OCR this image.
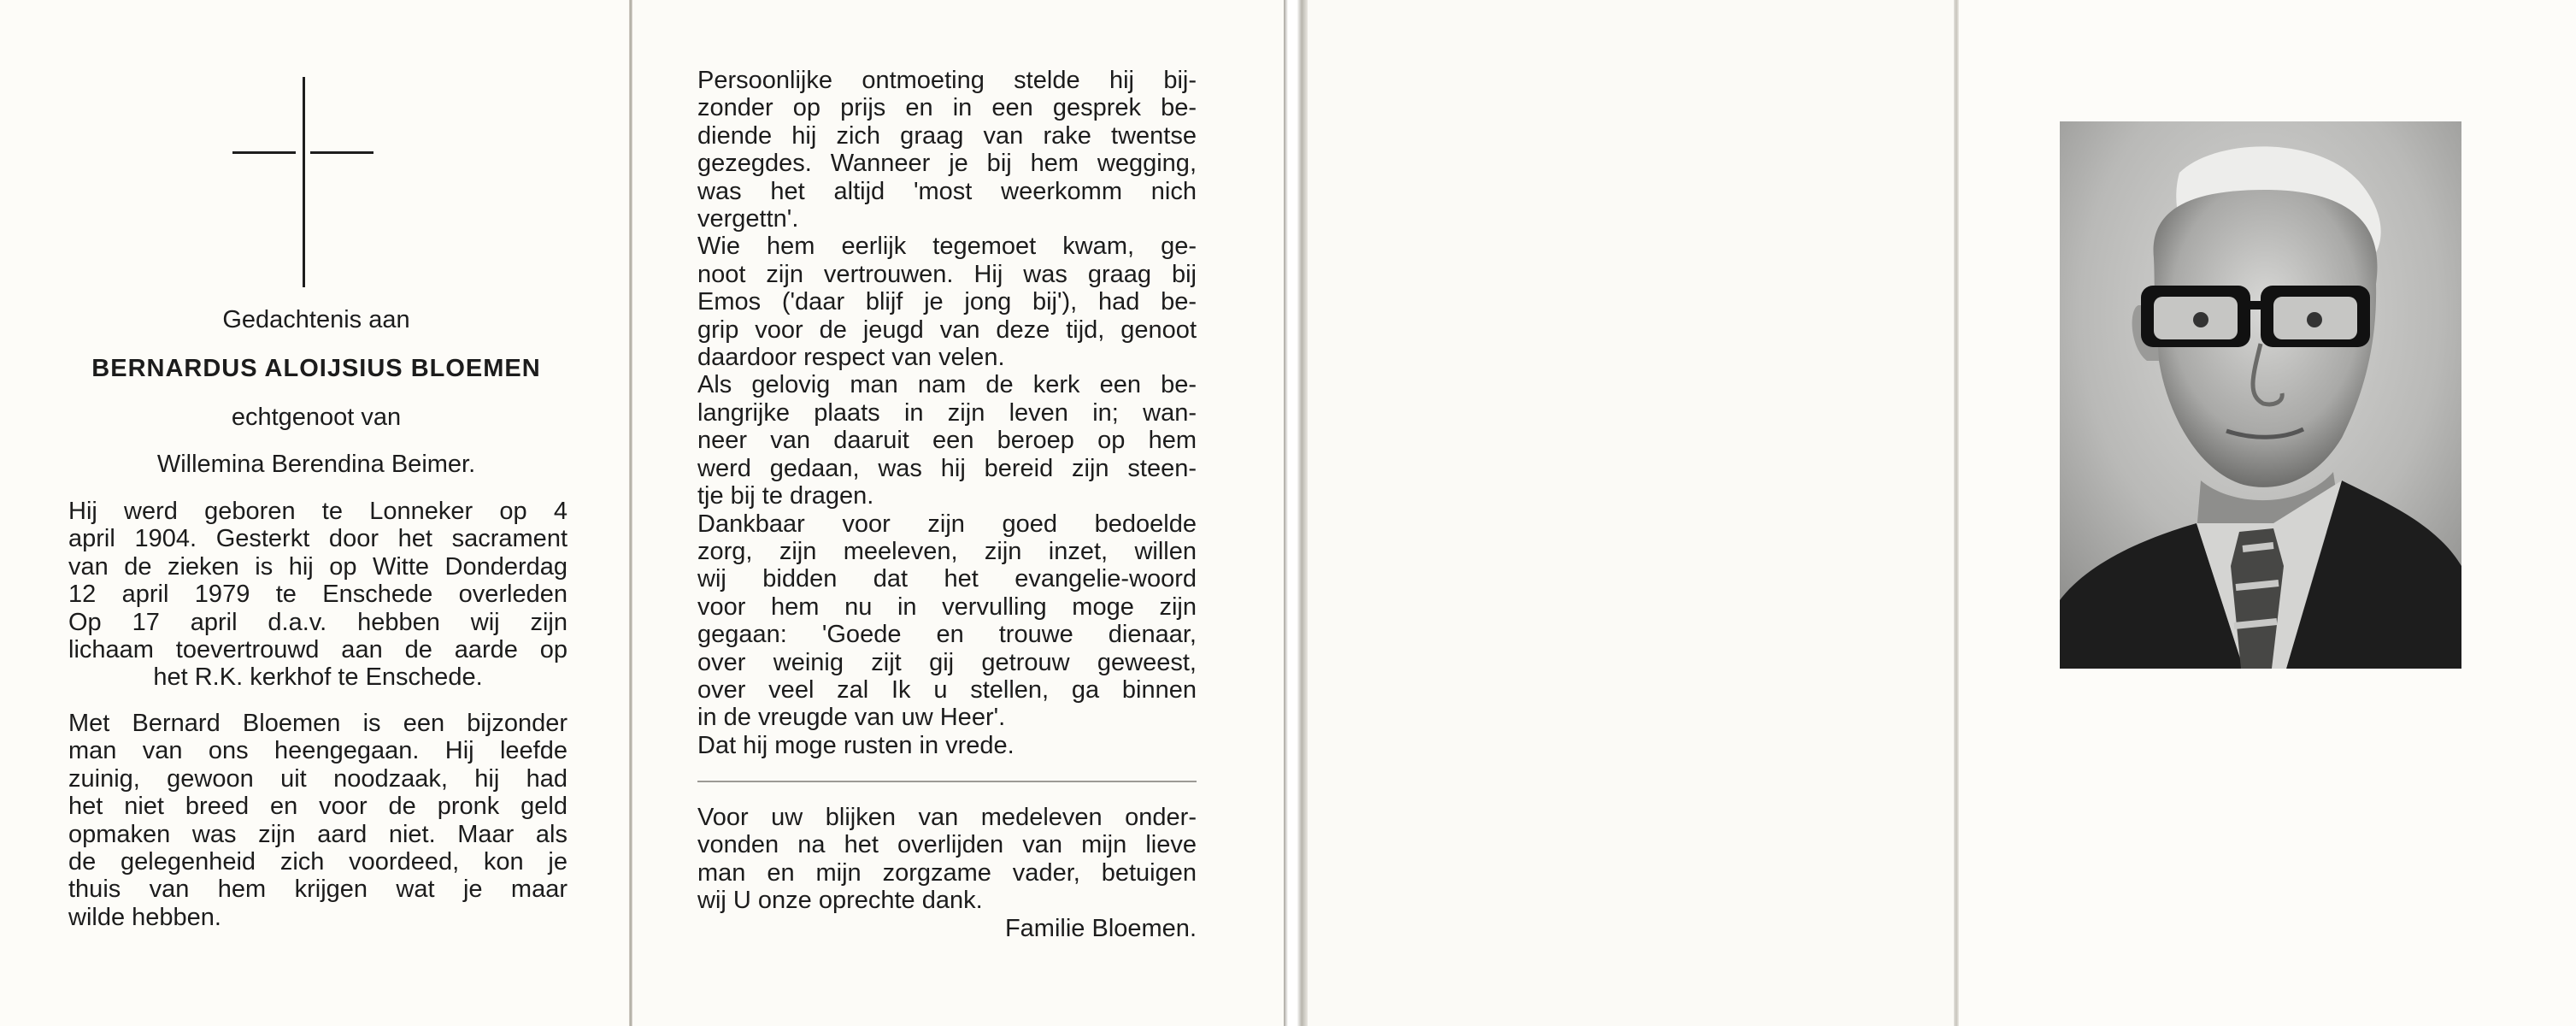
Gedachtenis aan
BERNARDUS ALOIJSIUS BLOEMEN
echtgenoot van
Willemina Berendina Beimer.
Hij werd geboren te Lonneker op 4
april 1904. Gesterkt door het sacrament
van de zieken is hij op Witte Donderdag
12 april 1979 te Enschede overleden
Op 17 april d.a.v. hebben wij zijn
lichaam toevertrouwd aan de aarde op
het R.K. kerkhof te Enschede.
Met Bernard Bloemen is een bijzonder
man van ons heengegaan. Hij leefde
zuinig, gewoon uit noodzaak, hij had
het niet breed en voor de pronk geld
opmaken was zijn aard niet. Maar als
de gelegenheid zich voordeed, kon je
thuis van hem krijgen wat je maar
wilde hebben.
Persoonlijke ontmoeting stelde hij bij-
zonder op prijs en in een gesprek be-
diende hij zich graag van rake twentse
gezegdes. Wanneer je bij hem wegging,
was het altijd 'most weerkomm nich
vergettn'.
Wie hem eerlijk tegemoet kwam, ge-
noot zijn vertrouwen. Hij was graag bij
Emos ('daar blijf je jong bij'), had be-
grip voor de jeugd van deze tijd, genoot
daardoor respect van velen.
Als gelovig man nam de kerk een be-
langrijke plaats in zijn leven in; wan-
neer van daaruit een beroep op hem
werd gedaan, was hij bereid zijn steen-
tje bij te dragen.
Dankbaar voor zijn goed bedoelde
zorg, zijn meeleven, zijn inzet, willen
wij bidden dat het evangelie-woord
voor hem nu in vervulling moge zijn
gegaan: 'Goede en trouwe dienaar,
over weinig zijt gij getrouw geweest,
over veel zal Ik u stellen, ga binnen
in de vreugde van uw Heer'.
Dat hij moge rusten in vrede.
Voor uw blijken van medeleven onder-
vonden na het overlijden van mijn lieve
man en mijn zorgzame vader, betuigen
wij U onze oprechte dank.
Familie Bloemen.
